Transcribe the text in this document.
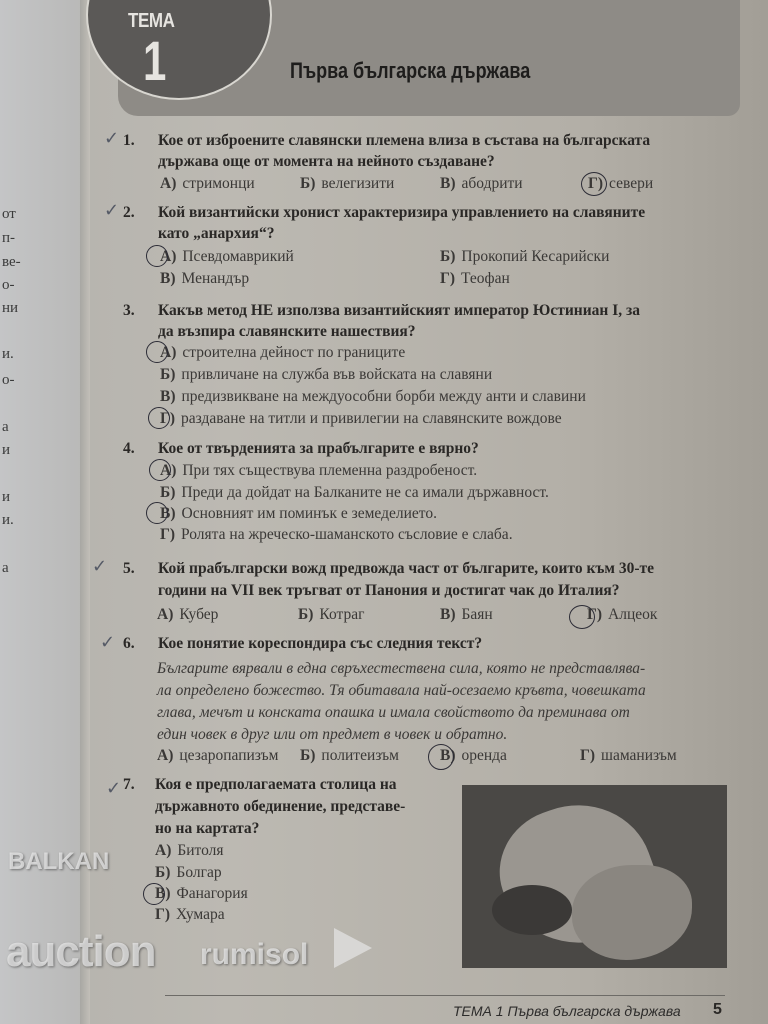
от
п-
ве-
о-
ни
и.
о-
а
и
и
и.
а
ТЕМА
1	Първа българска държава
✓ 1. Кое от изброените славянски племена влиза в състава на българската
държава още от момента на нейното създаване?
А) стримонци	Б) велегизити	В) абодрити	Г) севери
✓ 2. Кой византийски хронист характеризира управлението на славяните
като „анархия“?
А) Псевдомаврикий	Б) Прокопий Кесарийски
В) Менандър	Г) Теофан
3. Какъв метод НЕ използва византийският император Юстиниан I, за
да възпира славянските нашествия?
А) строителна дейност по границите
Б) привличане на служба във войската на славяни
В) предизвикване на междуособни борби между анти и славини
Г) раздаване на титли и привилегии на славянските вождове
4. Кое от твърденията за прабългарите е вярно?
А) При тях съществува племенна раздробеност.
Б) Преди да дойдат на Балканите не са имали държавност.
В) Основният им поминък е земеделието.
Г) Ролята на жреческо-шаманското съсловие е слаба.
✓ 5. Кой прабългарски вожд предвожда част от българите, които към 30-те
години на VII век тръгват от Панония и достигат чак до Италия?
А) Кубер	Б) Котраг	В) Баян	Г) Алцеок
✓ 6. Кое понятие кореспондира със следния текст?
Българите вярвали в една свръхестествена сила, която не представлява-
ла определено божество. Тя обитавала най-осезаемо кръвта, човешката
глава, мечът и конската опашка и имала свойството да преминава от
един човек в друг или от предмет в човек и обратно.
А) цезаропапизъм Б) политеизъм	В) оренда	Г) шаманизъм
✓ 7. Коя е предполагаемата столица на
държавното обединение, представе-
но на картата?
А) Битоля
Б) Болгар
В) Фанагория
Г) Хумара
BALKAN
auction rumisol
ТЕМА 1 Първа българска държава 5
